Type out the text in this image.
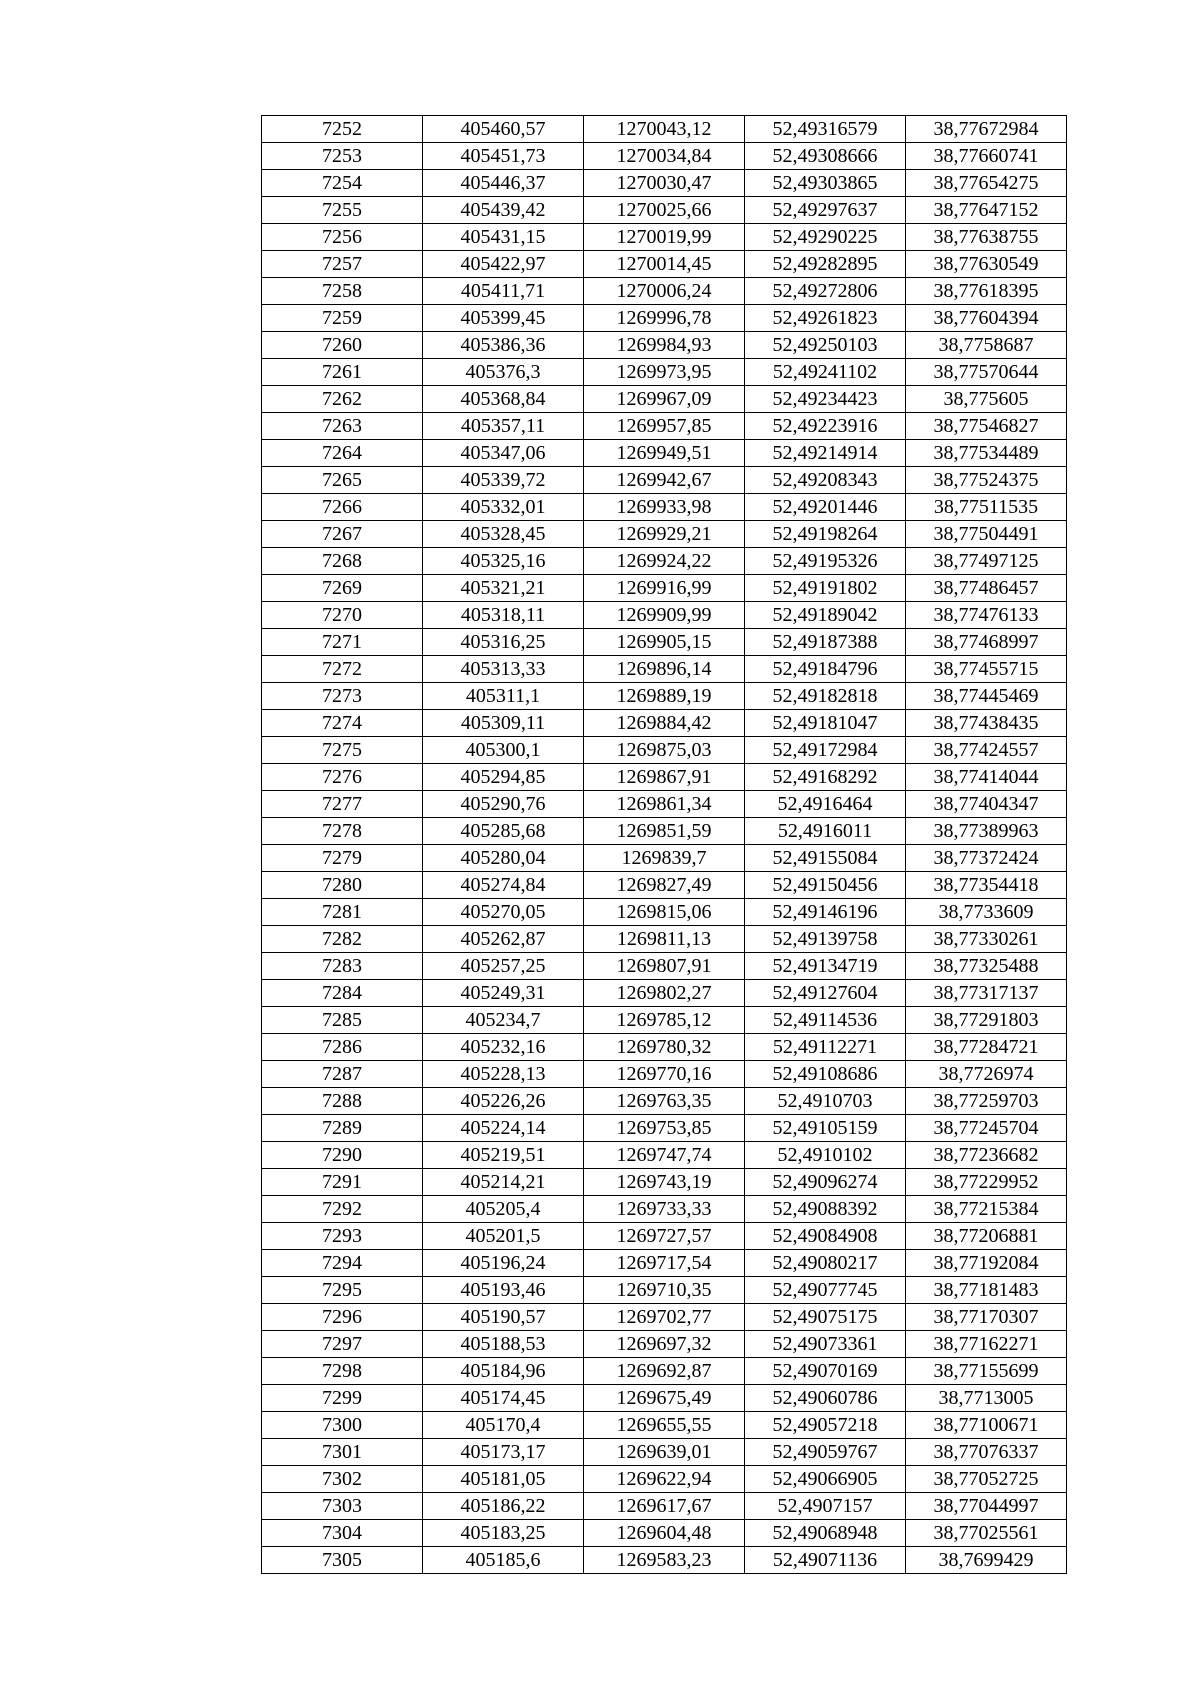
7252	405460,57	1270043,12	52,49316579	38,77672984
7253	405451,73	1270034,84	52,49308666	38,77660741
7254	405446,37	1270030,47	52,49303865	38,77654275
7255	405439,42	1270025,66	52,49297637	38,77647152
7256	405431,15	1270019,99	52,49290225	38,77638755
7257	405422,97	1270014,45	52,49282895	38,77630549
7258	405411,71	1270006,24	52,49272806	38,77618395
7259	405399,45	1269996,78	52,49261823	38,77604394
7260	405386,36	1269984,93	52,49250103	38,7758687
7261	405376,3	1269973,95	52,49241102	38,77570644
7262	405368,84	1269967,09	52,49234423	38,775605
7263	405357,11	1269957,85	52,49223916	38,77546827
7264	405347,06	1269949,51	52,49214914	38,77534489
7265	405339,72	1269942,67	52,49208343	38,77524375
7266	405332,01	1269933,98	52,49201446	38,77511535
7267	405328,45	1269929,21	52,49198264	38,77504491
7268	405325,16	1269924,22	52,49195326	38,77497125
7269	405321,21	1269916,99	52,49191802	38,77486457
7270	405318,11	1269909,99	52,49189042	38,77476133
7271	405316,25	1269905,15	52,49187388	38,77468997
7272	405313,33	1269896,14	52,49184796	38,77455715
7273	405311,1	1269889,19	52,49182818	38,77445469
7274	405309,11	1269884,42	52,49181047	38,77438435
7275	405300,1	1269875,03	52,49172984	38,77424557
7276	405294,85	1269867,91	52,49168292	38,77414044
7277	405290,76	1269861,34	52,4916464	38,77404347
7278	405285,68	1269851,59	52,4916011	38,77389963
7279	405280,04	1269839,7	52,49155084	38,77372424
7280	405274,84	1269827,49	52,49150456	38,77354418
7281	405270,05	1269815,06	52,49146196	38,7733609
7282	405262,87	1269811,13	52,49139758	38,77330261
7283	405257,25	1269807,91	52,49134719	38,77325488
7284	405249,31	1269802,27	52,49127604	38,77317137
7285	405234,7	1269785,12	52,49114536	38,77291803
7286	405232,16	1269780,32	52,49112271	38,77284721
7287	405228,13	1269770,16	52,49108686	38,7726974
7288	405226,26	1269763,35	52,4910703	38,77259703
7289	405224,14	1269753,85	52,49105159	38,77245704
7290	405219,51	1269747,74	52,4910102	38,77236682
7291	405214,21	1269743,19	52,49096274	38,77229952
7292	405205,4	1269733,33	52,49088392	38,77215384
7293	405201,5	1269727,57	52,49084908	38,77206881
7294	405196,24	1269717,54	52,49080217	38,77192084
7295	405193,46	1269710,35	52,49077745	38,77181483
7296	405190,57	1269702,77	52,49075175	38,77170307
7297	405188,53	1269697,32	52,49073361	38,77162271
7298	405184,96	1269692,87	52,49070169	38,77155699
7299	405174,45	1269675,49	52,49060786	38,7713005
7300	405170,4	1269655,55	52,49057218	38,77100671
7301	405173,17	1269639,01	52,49059767	38,77076337
7302	405181,05	1269622,94	52,49066905	38,77052725
7303	405186,22	1269617,67	52,4907157	38,77044997
7304	405183,25	1269604,48	52,49068948	38,77025561
7305	405185,6	1269583,23	52,49071136	38,7699429
